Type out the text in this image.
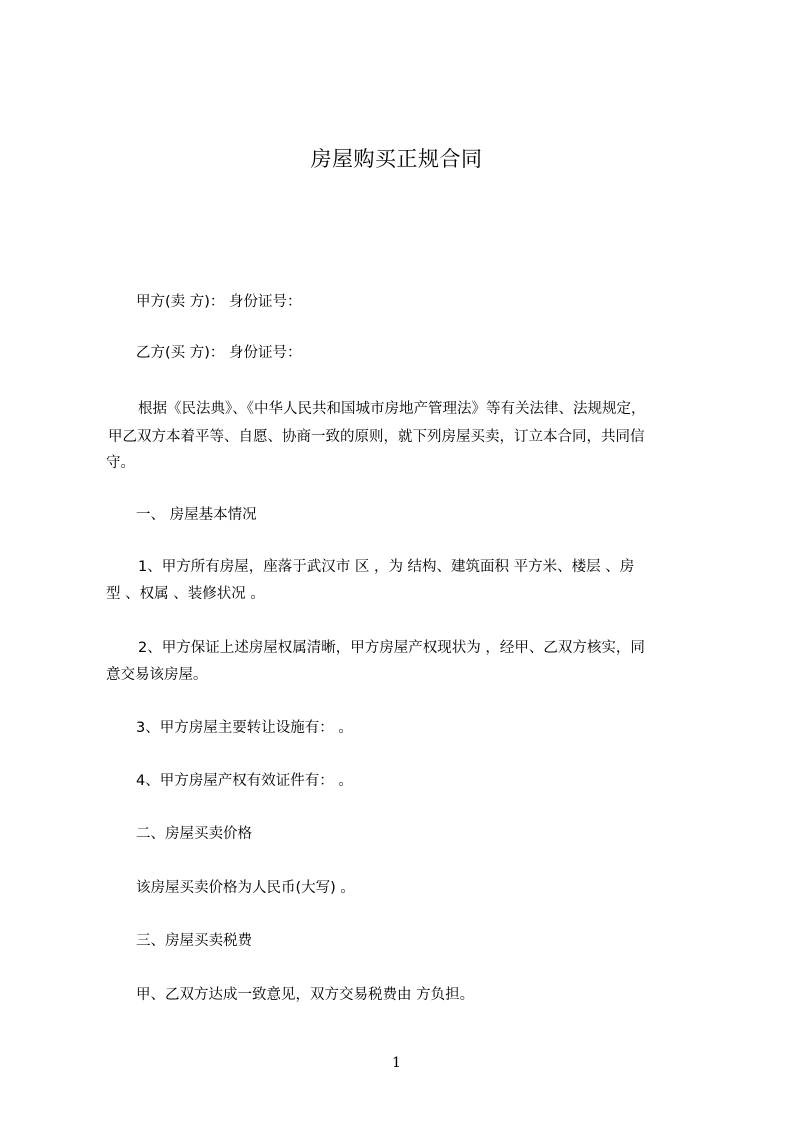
房屋购买正规合同
甲方(卖 方)： 身份证号：
乙方(买 方)： 身份证号：
根据《民法典》、《中华人民共和国城市房地产管理法》等有关法律、法规规定，
甲乙双方本着平等、自愿、协商一致的原则，就下列房屋买卖，订立本合同，共同信
守。
一、 房屋基本情况
1、甲方所有房屋，座落于武汉市 区 ，为 结构、建筑面积 平方米、楼层 、房
型 、权属 、装修状况 。
2、甲方保证上述房屋权属清晰，甲方房屋产权现状为 ，经甲、乙双方核实，同
意交易该房屋。
3、甲方房屋主要转让设施有： 。
4、甲方房屋产权有效证件有： 。
二、房屋买卖价格
该房屋买卖价格为人民币(大写) 。
三、房屋买卖税费
甲、乙双方达成一致意见，双方交易税费由 方负担。
1
